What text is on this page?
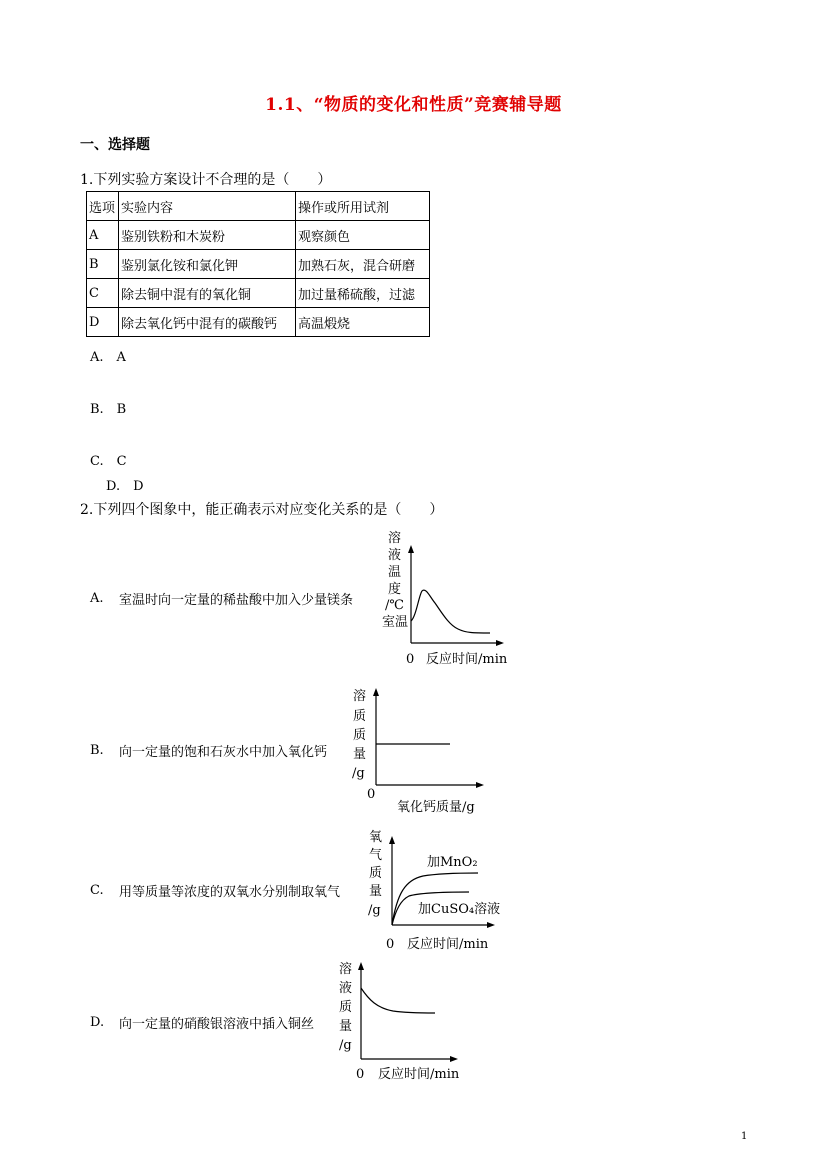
1.1、“物质的变化和性质”竞赛辅导题
一、选择题
1.下列实验方案设计不合理的是（　　）
选项	实验内容	操作或所用试剂
A	鉴别铁粉和木炭粉	观察颜色
B	鉴别氯化铵和氯化钾	加熟石灰，混合研磨
C	除去铜中混有的氧化铜	加过量稀硫酸，过滤
D	除去氧化钙中混有的碳酸钙	高温煅烧
A.　A
B.　B
C.　C
D.　D
2.下列四个图象中，能正确表示对应变化关系的是（　　）
A. 室温时向一定量的稀盐酸中加入少量镁条
溶
液
温
度
/℃
室温
0 反应时间/min
B. 向一定量的饱和石灰水中加入氧化钙
溶
质
质
量
/g
0
氧化钙质量/g
C. 用等质量等浓度的双氧水分别制取氧气
氧
气
质
量
/g
加MnO₂
加CuSO₄溶液
0 反应时间/min
D. 向一定量的硝酸银溶液中插入铜丝
溶
液
质
量
/g
0 反应时间/min
1
